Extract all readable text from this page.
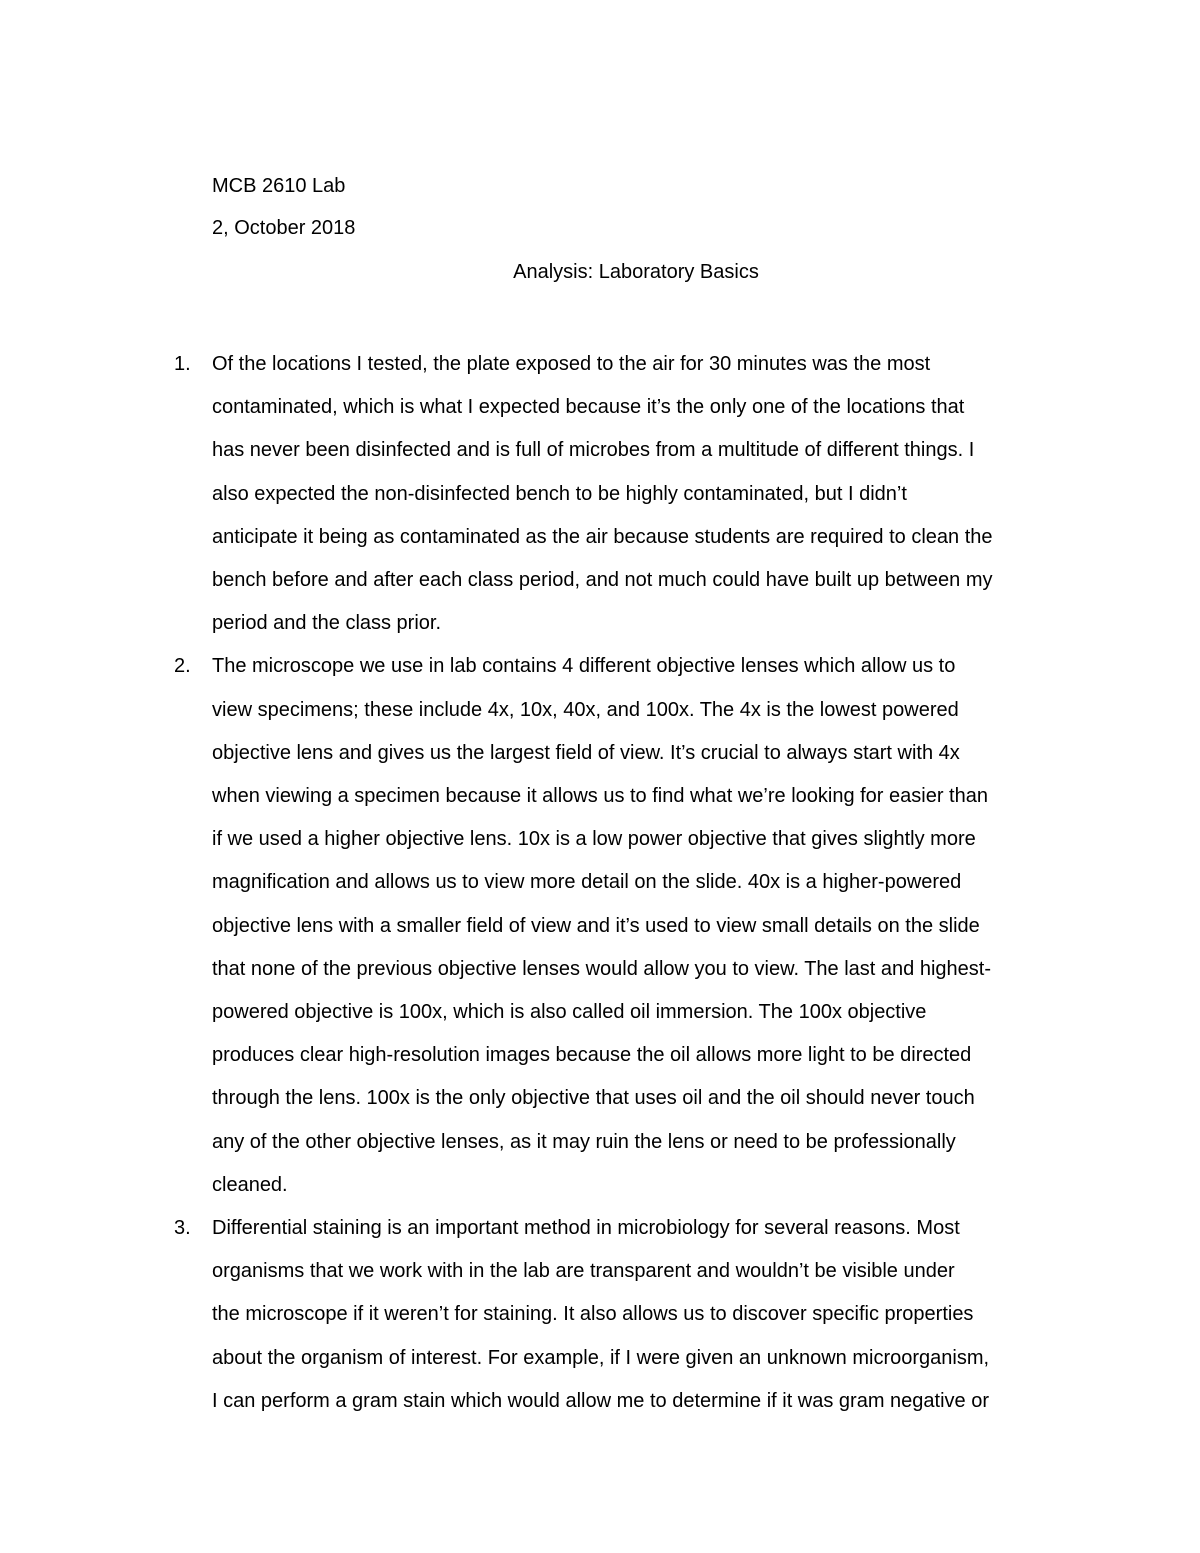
MCB 2610 Lab
2, October 2018
Analysis: Laboratory Basics
1. Of the locations I tested, the plate exposed to the air for 30 minutes was the most
contaminated, which is what I expected because it’s the only one of the locations that
has never been disinfected and is full of microbes from a multitude of different things. I
also expected the non-disinfected bench to be highly contaminated, but I didn’t
anticipate it being as contaminated as the air because students are required to clean the
bench before and after each class period, and not much could have built up between my
period and the class prior.
2. The microscope we use in lab contains 4 different objective lenses which allow us to
view specimens; these include 4x, 10x, 40x, and 100x. The 4x is the lowest powered
objective lens and gives us the largest field of view. It’s crucial to always start with 4x
when viewing a specimen because it allows us to find what we’re looking for easier than
if we used a higher objective lens. 10x is a low power objective that gives slightly more
magnification and allows us to view more detail on the slide. 40x is a higher-powered
objective lens with a smaller field of view and it’s used to view small details on the slide
that none of the previous objective lenses would allow you to view. The last and highest-
powered objective is 100x, which is also called oil immersion. The 100x objective
produces clear high-resolution images because the oil allows more light to be directed
through the lens. 100x is the only objective that uses oil and the oil should never touch
any of the other objective lenses, as it may ruin the lens or need to be professionally
cleaned.
3. Differential staining is an important method in microbiology for several reasons. Most
organisms that we work with in the lab are transparent and wouldn’t be visible under
the microscope if it weren’t for staining. It also allows us to discover specific properties
about the organism of interest. For example, if I were given an unknown microorganism,
I can perform a gram stain which would allow me to determine if it was gram negative or
